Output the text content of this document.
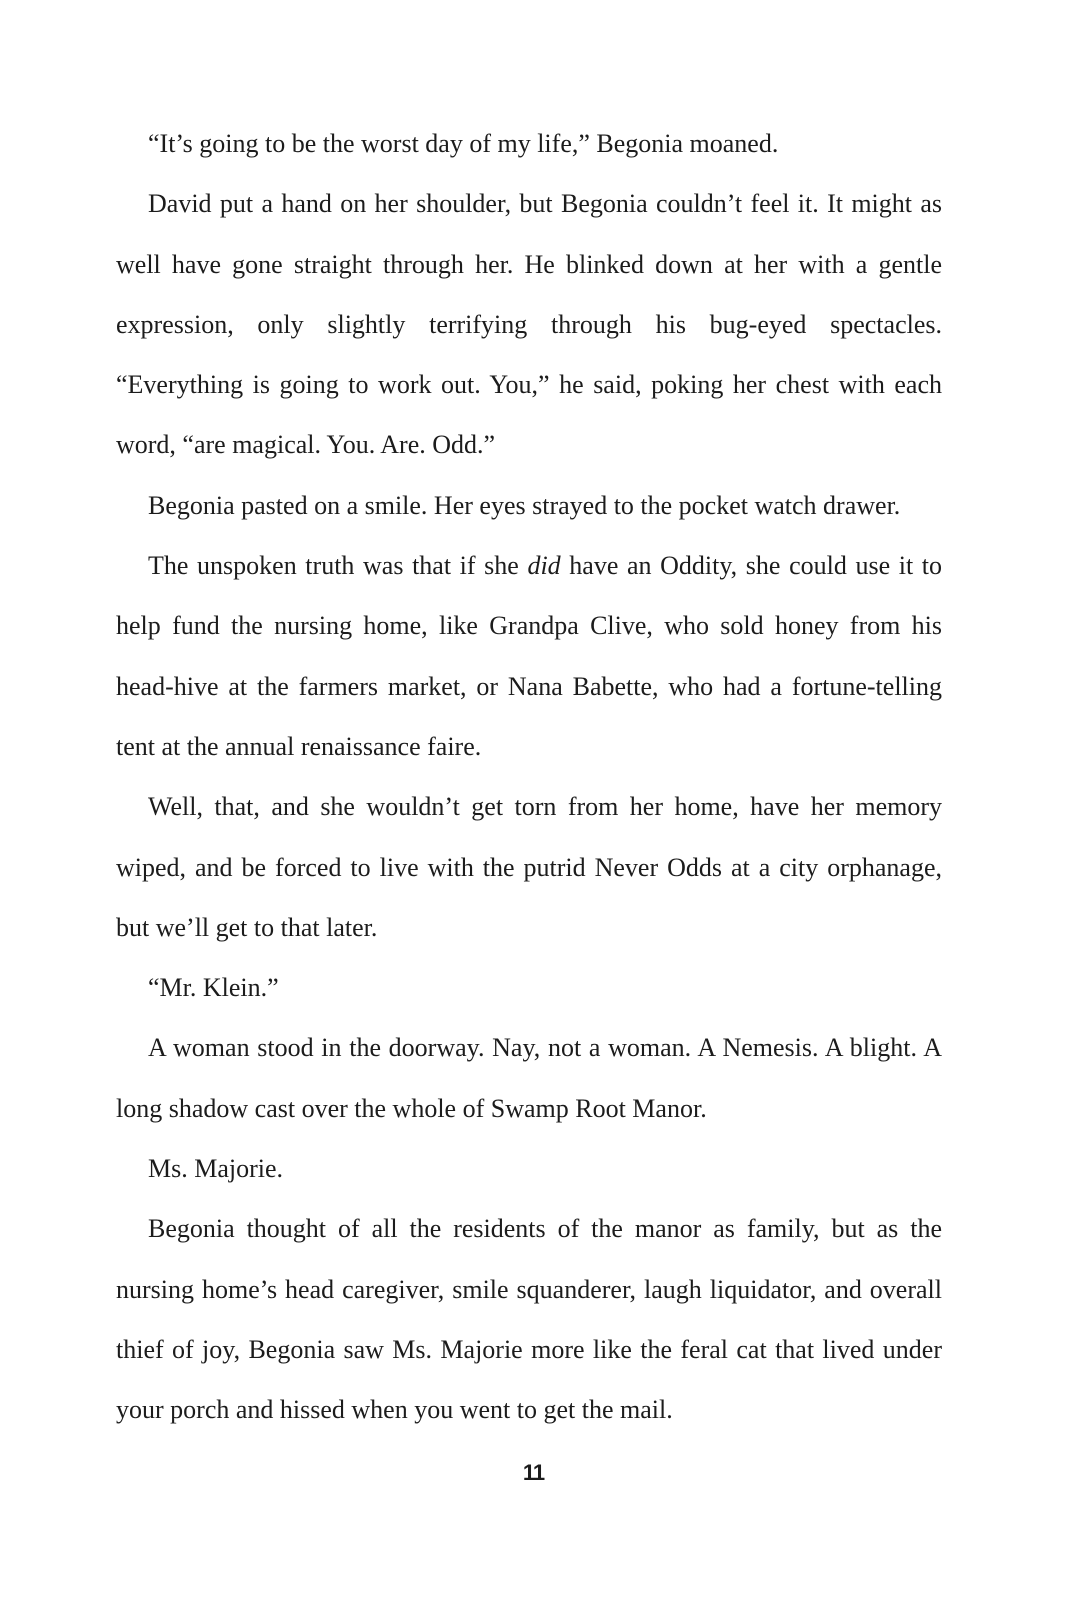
“It’s going to be the worst day of my life,” Begonia moaned.

David put a hand on her shoulder, but Begonia couldn’t feel it. It might as well have gone straight through her. He blinked down at her with a gentle expression, only slightly terrifying through his bug-eyed spectacles. “Everything is going to work out. You,” he said, poking her chest with each word, “are magical. You. Are. Odd.”

Begonia pasted on a smile. Her eyes strayed to the pocket watch drawer.

The unspoken truth was that if she did have an Oddity, she could use it to help fund the nursing home, like Grandpa Clive, who sold honey from his head-hive at the farmers market, or Nana Babette, who had a fortune-telling tent at the annual renaissance faire.

Well, that, and she wouldn’t get torn from her home, have her memory wiped, and be forced to live with the putrid Never Odds at a city orphanage, but we’ll get to that later.

“Mr. Klein.”

A woman stood in the doorway. Nay, not a woman. A Nemesis. A blight. A long shadow cast over the whole of Swamp Root Manor.

Ms. Majorie.

Begonia thought of all the residents of the manor as family, but as the nursing home’s head caregiver, smile squanderer, laugh liquidator, and overall thief of joy, Begonia saw Ms. Majorie more like the feral cat that lived under your porch and hissed when you went to get the mail.

11
